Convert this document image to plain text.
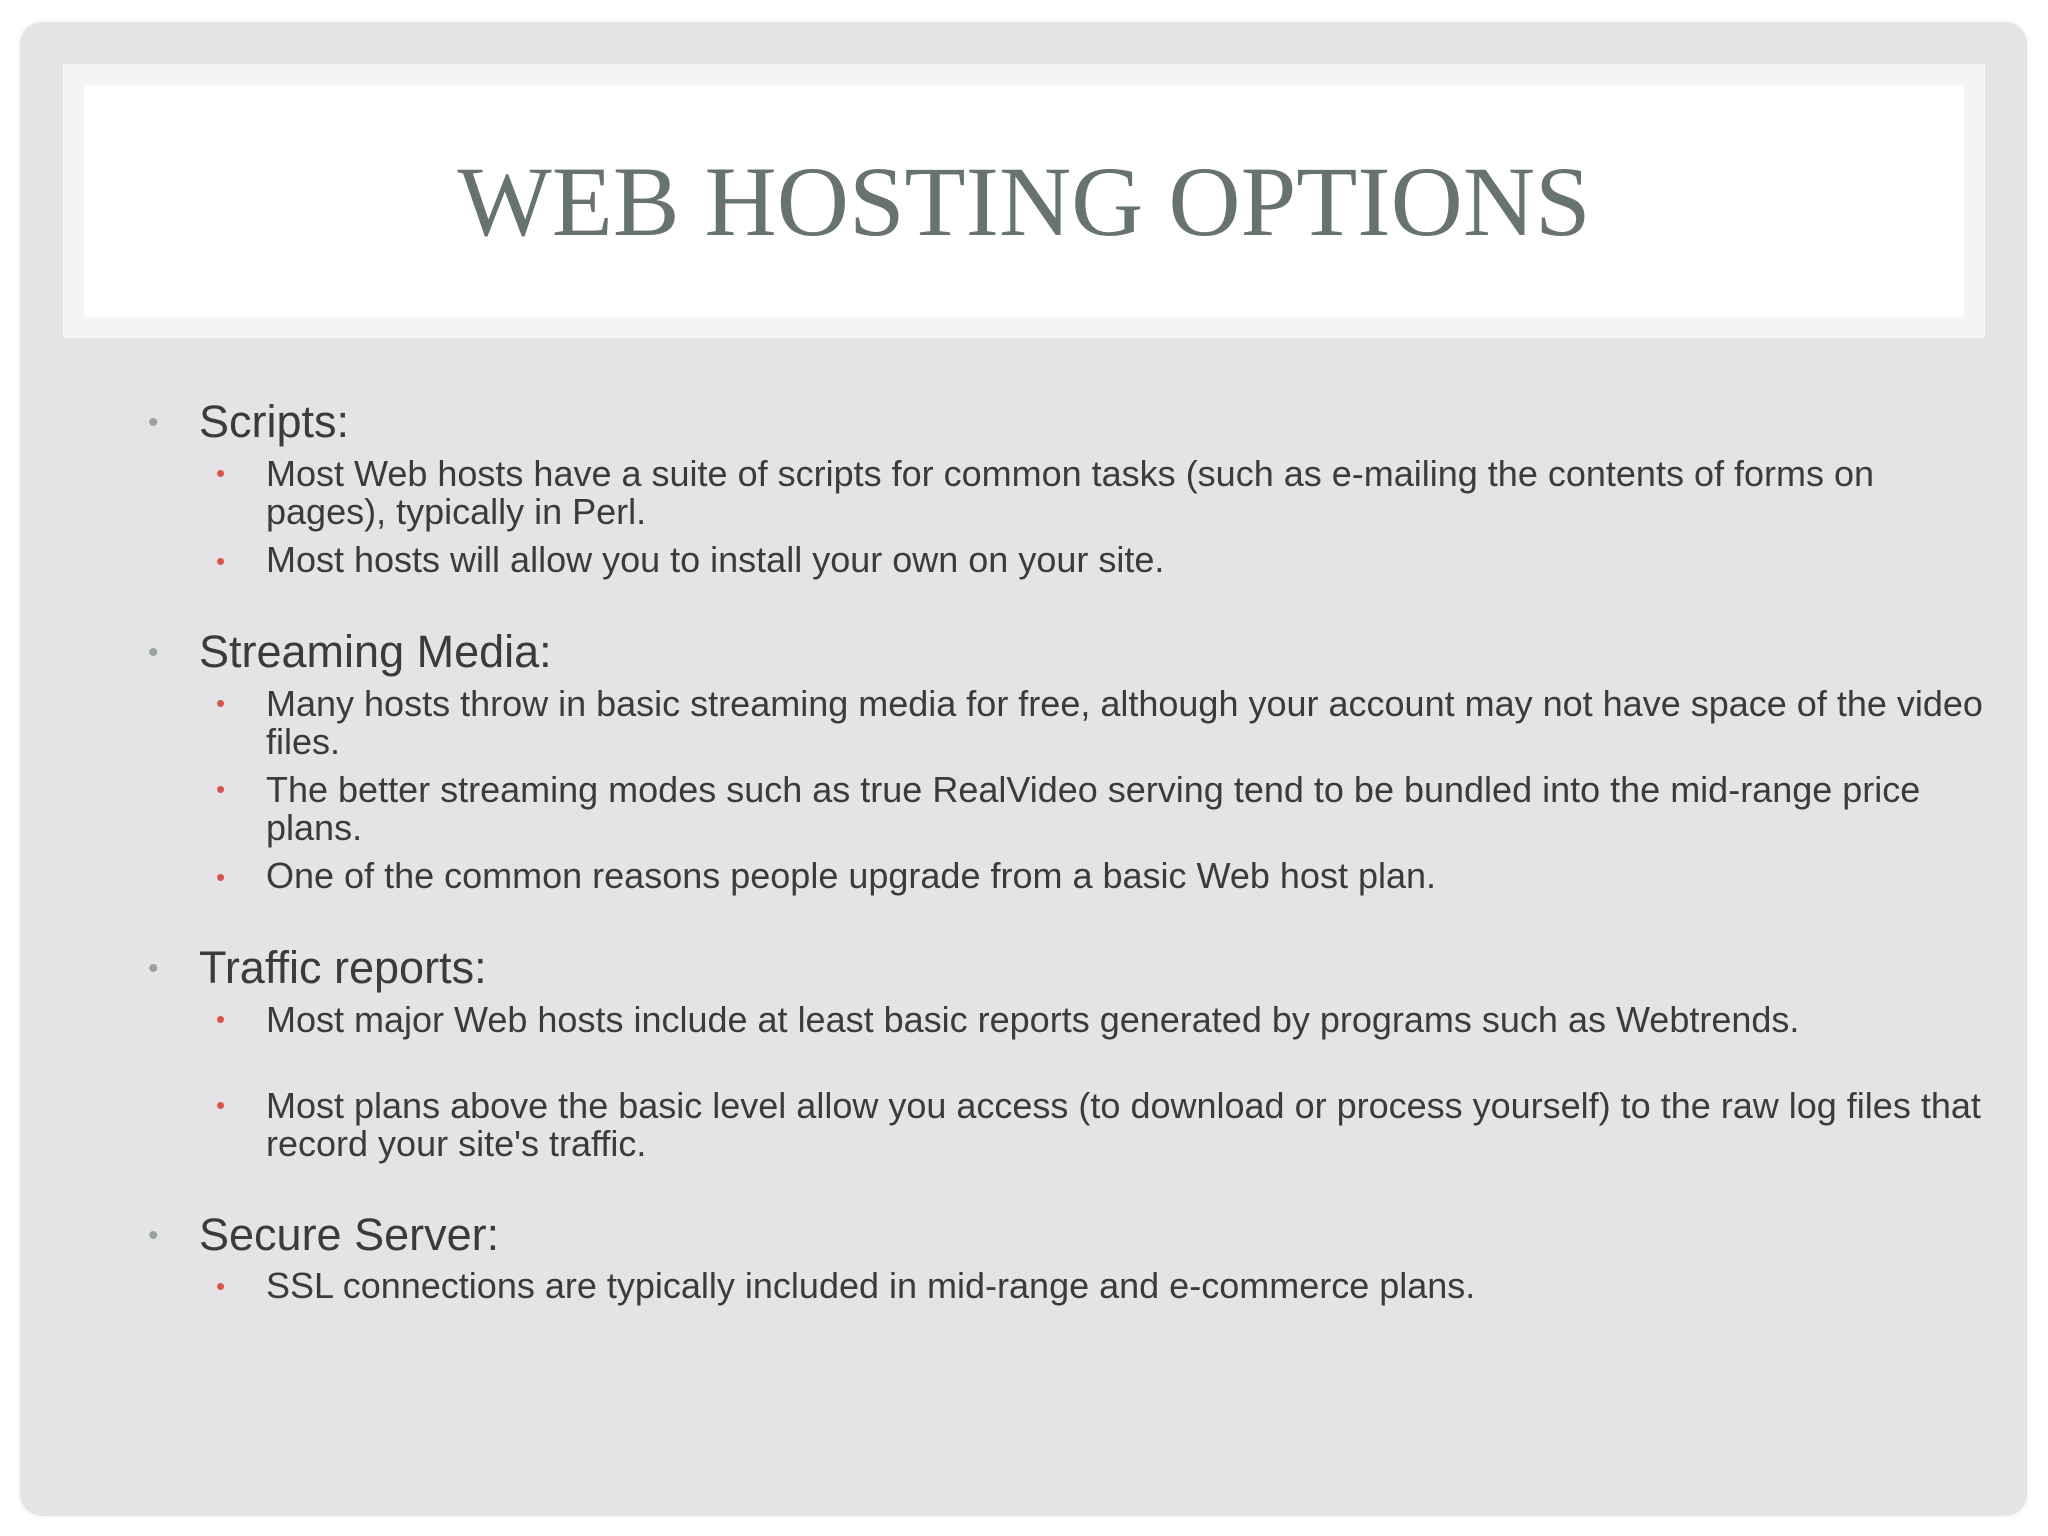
WEB HOSTING OPTIONS
• Scripts:
• Most Web hosts have a suite of scripts for common tasks (such as e-mailing the contents of forms on pages), typically in Perl.
• Most hosts will allow you to install your own on your site.
• Streaming Media:
• Many hosts throw in basic streaming media for free, although your account may not have space of the video files.
• The better streaming modes such as true RealVideo serving tend to be bundled into the mid-range price plans.
• One of the common reasons people upgrade from a basic Web host plan.
• Traffic reports:
• Most major Web hosts include at least basic reports generated by programs such as Webtrends.
• Most plans above the basic level allow you access (to download or process yourself) to the raw log files that record your site's traffic.
• Secure Server:
• SSL connections are typically included in mid-range and e-commerce plans.
